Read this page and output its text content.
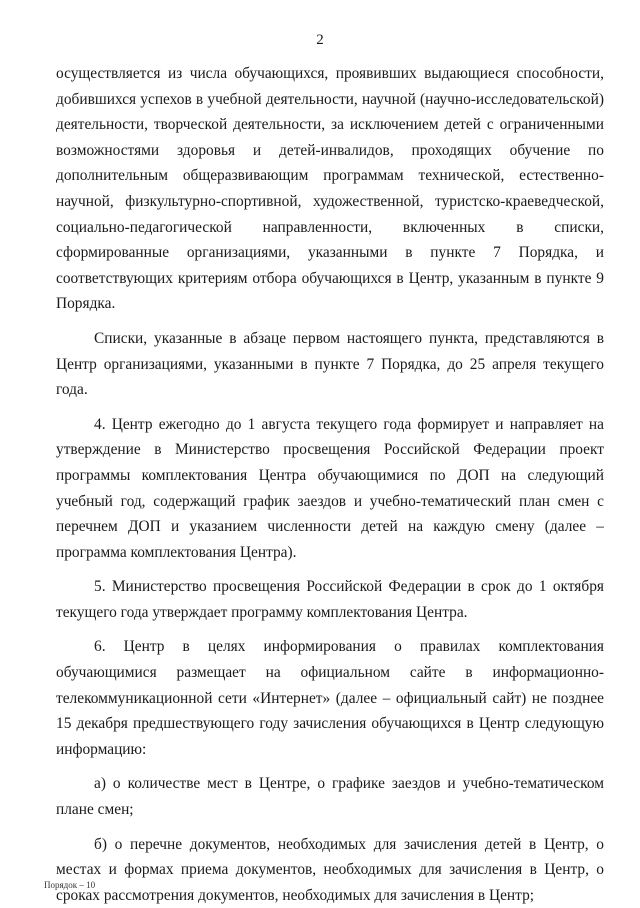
2

осуществляется из числа обучающихся, проявивших выдающиеся способности, добившихся успехов в учебной деятельности, научной (научно-исследовательской) деятельности, творческой деятельности, за исключением детей с ограниченными возможностями здоровья и детей-инвалидов, проходящих обучение по дополнительным общеразвивающим программам технической, естественно-научной, физкультурно-спортивной, художественной, туристско-краеведческой, социально-педагогической направленности, включенных в списки, сформированные организациями, указанными в пункте 7 Порядка, и соответствующих критериям отбора обучающихся в Центр, указанным в пункте 9 Порядка.

Списки, указанные в абзаце первом настоящего пункта, представляются в Центр организациями, указанными в пункте 7 Порядка, до 25 апреля текущего года.

4. Центр ежегодно до 1 августа текущего года формирует и направляет на утверждение в Министерство просвещения Российской Федерации проект программы комплектования Центра обучающимися по ДОП на следующий учебный год, содержащий график заездов и учебно-тематический план смен с перечнем ДОП и указанием численности детей на каждую смену (далее – программа комплектования Центра).

5. Министерство просвещения Российской Федерации в срок до 1 октября текущего года утверждает программу комплектования Центра.

6. Центр в целях информирования о правилах комплектования обучающимися размещает на официальном сайте в информационно-телекоммуникационной сети «Интернет» (далее – официальный сайт) не позднее 15 декабря предшествующего году зачисления обучающихся в Центр следующую информацию:

а) о количестве мест в Центре, о графике заездов и учебно-тематическом плане смен;

б) о перечне документов, необходимых для зачисления детей в Центр, о местах и формах приема документов, необходимых для зачисления в Центр, о сроках рассмотрения документов, необходимых для зачисления в Центр;

Порядок – 10
